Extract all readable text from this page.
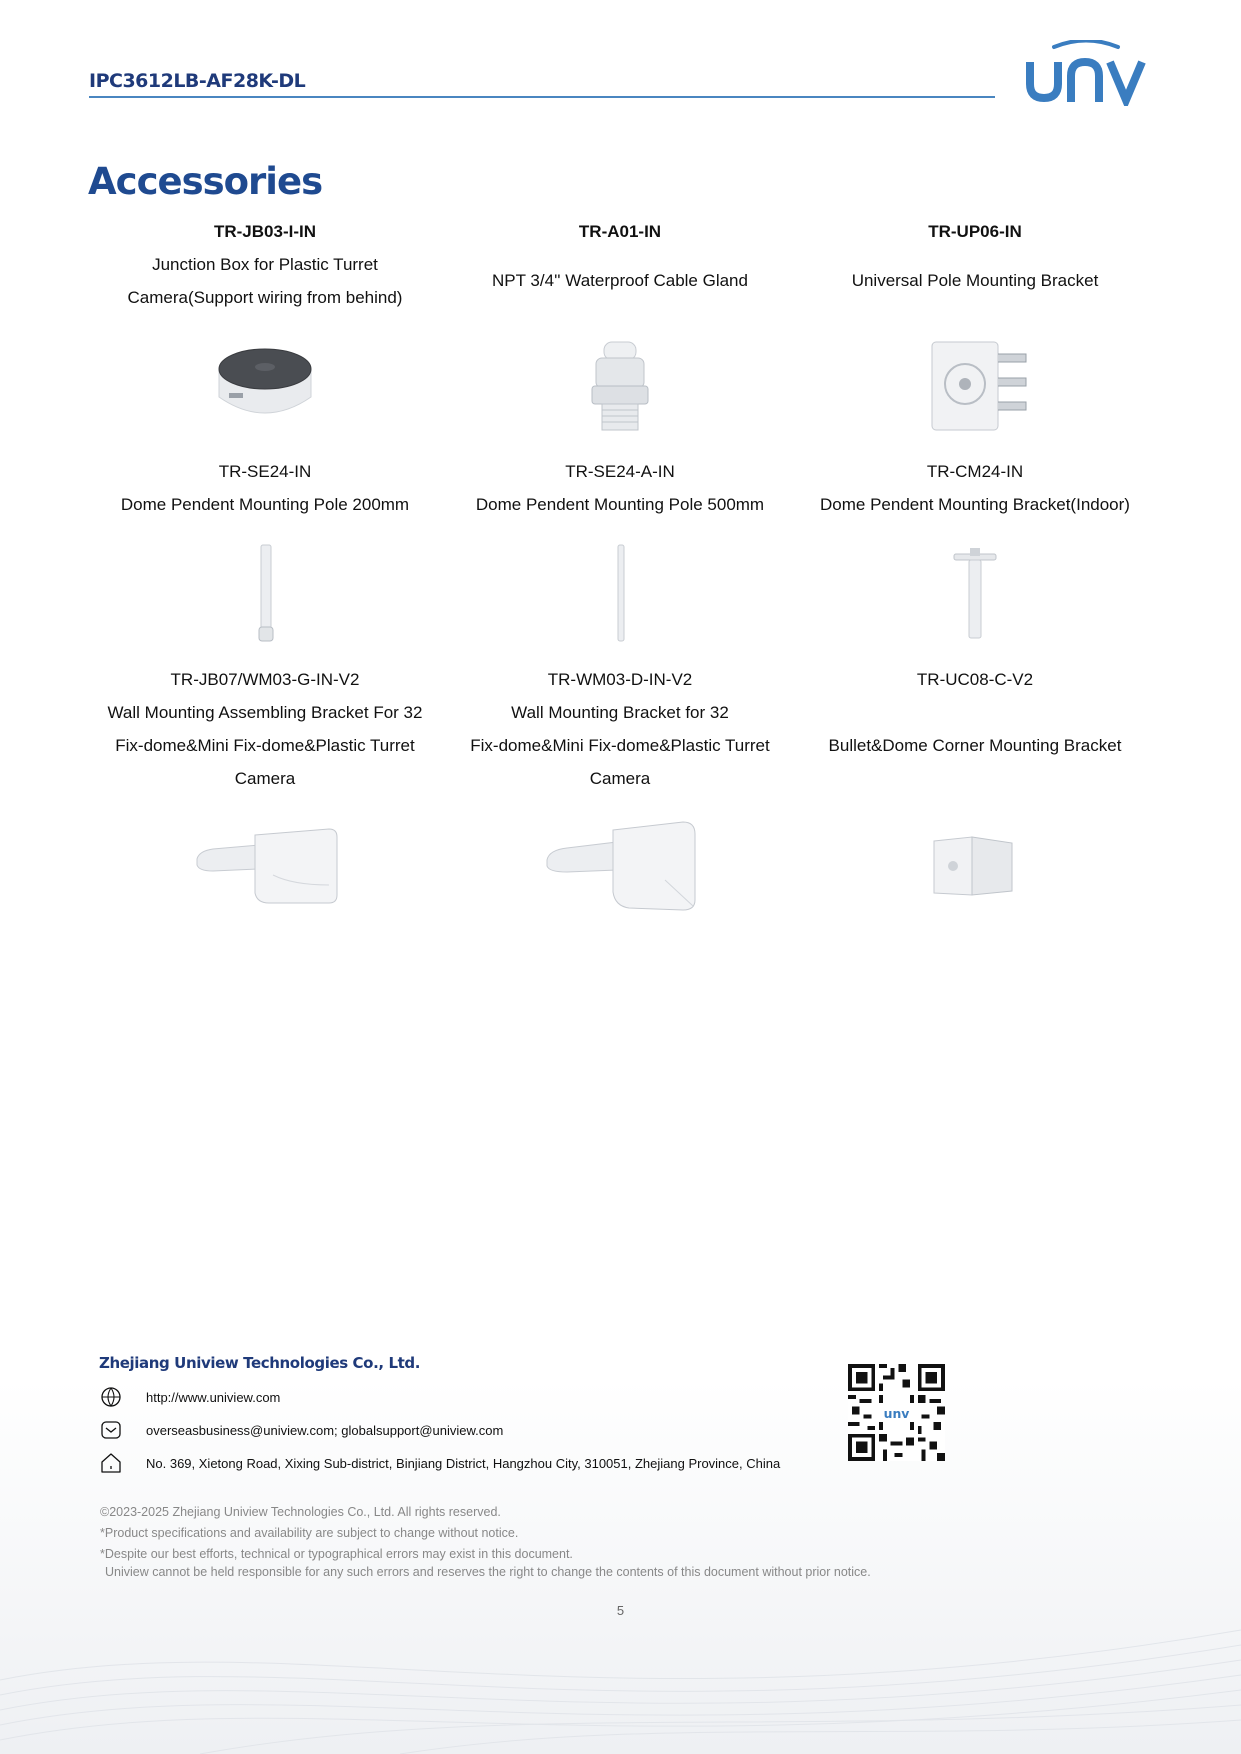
IPC3612LB-AF28K-DL
Accessories
TR-JB03-I-IN
Junction Box for Plastic Turret
Camera(Support wiring from behind)
TR-A01-IN
NPT 3/4'' Waterproof Cable Gland
TR-UP06-IN
Universal Pole Mounting Bracket
TR-SE24-IN
Dome Pendent Mounting Pole 200mm
TR-SE24-A-IN
Dome Pendent Mounting Pole 500mm
TR-CM24-IN
Dome Pendent Mounting Bracket(Indoor)
TR-JB07/WM03-G-IN-V2
Wall Mounting Assembling Bracket For 32
Fix-dome&Mini Fix-dome&Plastic Turret
Camera
TR-WM03-D-IN-V2
Wall Mounting Bracket for 32
Fix-dome&Mini Fix-dome&Plastic Turret
Camera
TR-UC08-C-V2
Bullet&Dome Corner Mounting Bracket
Zhejiang Uniview Technologies Co., Ltd.
http://www.uniview.com
overseasbusiness@uniview.com; globalsupport@uniview.com
No. 369, Xietong Road, Xixing Sub-district, Binjiang District, Hangzhou City, 310051, Zhejiang Province, China
unv
©2023-2025 Zhejiang Uniview Technologies Co., Ltd. All rights reserved.
*Product specifications and availability are subject to change without notice.
*Despite our best efforts, technical or typographical errors may exist in this document.
Uniview cannot be held responsible for any such errors and reserves the right to change the contents of this document without prior notice.
5
